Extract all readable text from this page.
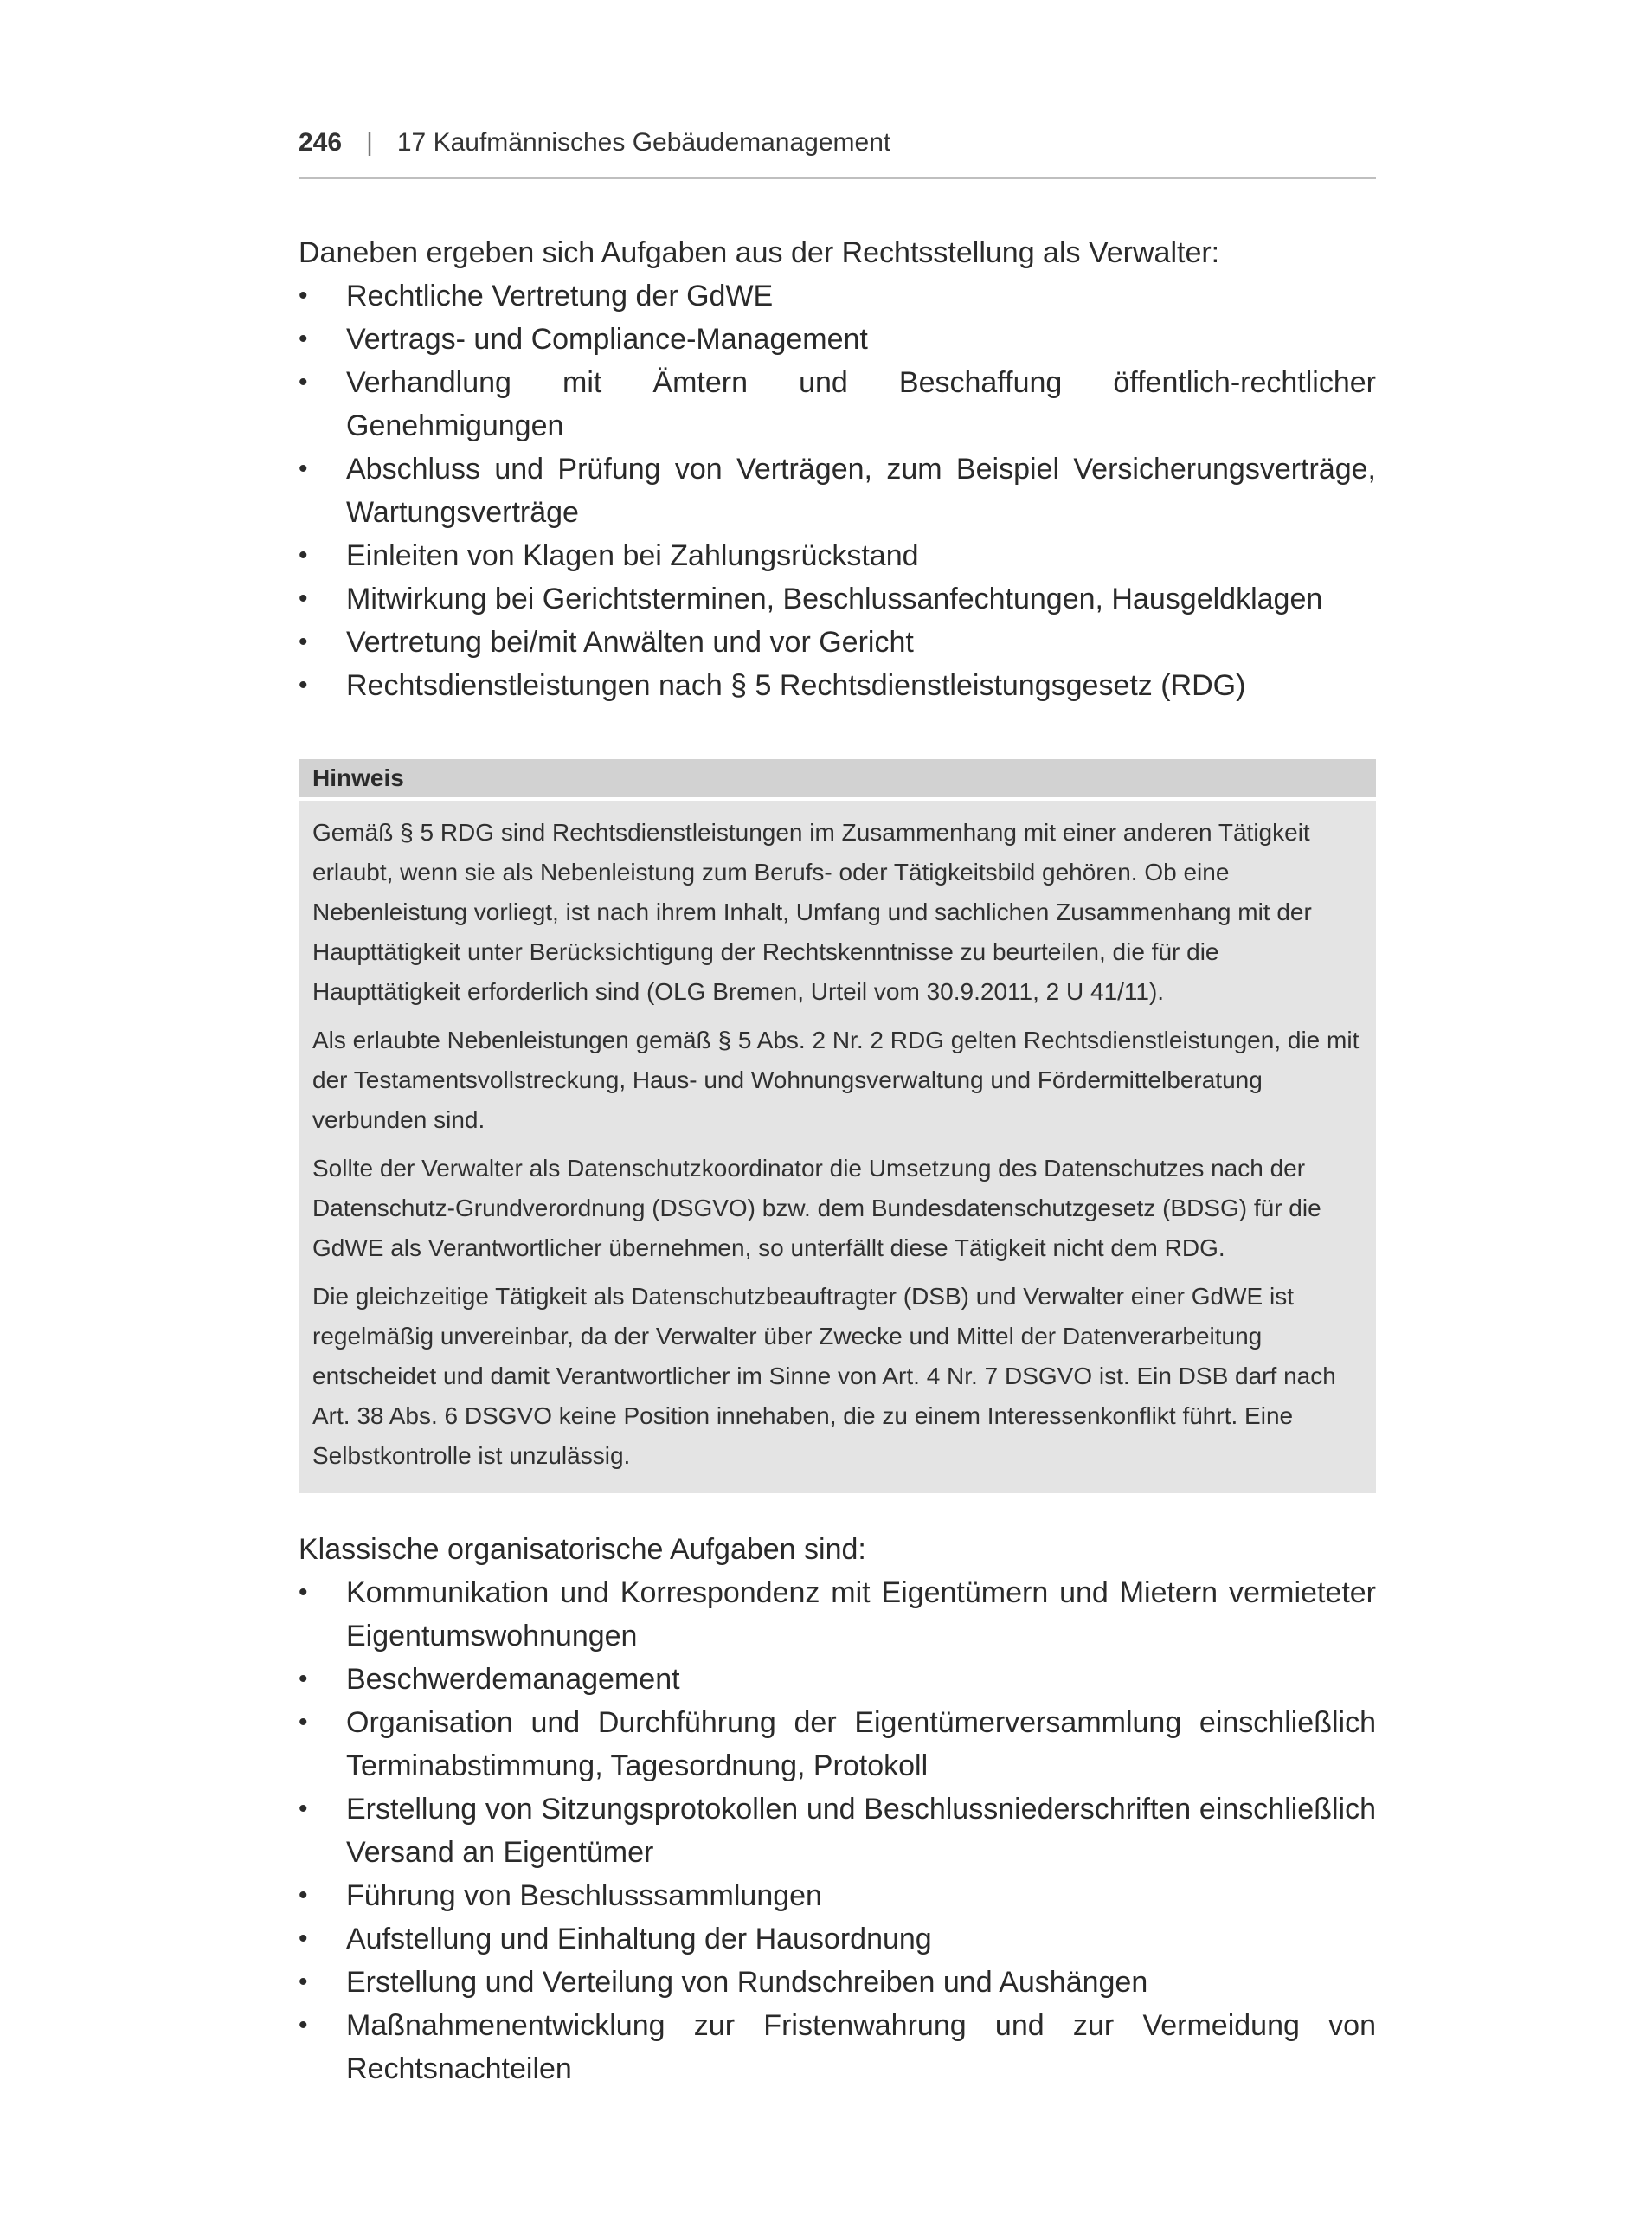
246 | 17 Kaufmännisches Gebäudemanagement
Daneben ergeben sich Aufgaben aus der Rechtsstellung als Verwalter:
• Rechtliche Vertretung der GdWE
• Vertrags- und Compliance-Management
• Verhandlung mit Ämtern und Beschaffung öffentlich-rechtlicher Genehmigungen
• Abschluss und Prüfung von Verträgen, zum Beispiel Versicherungsverträge, Wartungsverträge
• Einleiten von Klagen bei Zahlungsrückstand
• Mitwirkung bei Gerichtsterminen, Beschlussanfechtungen, Hausgeldklagen
• Vertretung bei/mit Anwälten und vor Gericht
• Rechtsdienstleistungen nach § 5 Rechtsdienstleistungsgesetz (RDG)
Hinweis

Gemäß § 5 RDG sind Rechtsdienstleistungen im Zusammenhang mit einer anderen Tätigkeit erlaubt, wenn sie als Nebenleistung zum Berufs- oder Tätigkeitsbild gehören. Ob eine Nebenleistung vorliegt, ist nach ihrem Inhalt, Umfang und sachlichen Zusammenhang mit der Haupttätigkeit unter Berücksichtigung der Rechtskenntnisse zu beurteilen, die für die Haupttätigkeit erforderlich sind (OLG Bremen, Urteil vom 30.9.2011, 2 U 41/11).

Als erlaubte Nebenleistungen gemäß § 5 Abs. 2 Nr. 2 RDG gelten Rechtsdienstleistungen, die mit der Testamentsvollstreckung, Haus- und Wohnungsverwaltung und Fördermittelberatung verbunden sind.

Sollte der Verwalter als Datenschutzkoordinator die Umsetzung des Datenschutzes nach der Datenschutz-Grundverordnung (DSGVO) bzw. dem Bundesdatenschutzgesetz (BDSG) für die GdWE als Verantwortlicher übernehmen, so unterfällt diese Tätigkeit nicht dem RDG.

Die gleichzeitige Tätigkeit als Datenschutzbeauftragter (DSB) und Verwalter einer GdWE ist regelmäßig unvereinbar, da der Verwalter über Zwecke und Mittel der Datenverarbeitung entscheidet und damit Verantwortlicher im Sinne von Art. 4 Nr. 7 DSGVO ist. Ein DSB darf nach Art. 38 Abs. 6 DSGVO keine Position innehaben, die zu einem Interessenkonflikt führt. Eine Selbstkontrolle ist unzulässig.

Klassische organisatorische Aufgaben sind:
• Kommunikation und Korrespondenz mit Eigentümern und Mietern vermieteter Eigentumswohnungen
• Beschwerdemanagement
• Organisation und Durchführung der Eigentümerversammlung einschließlich Terminabstimmung, Tagesordnung, Protokoll
• Erstellung von Sitzungsprotokollen und Beschlussniederschriften einschließlich Versand an Eigentümer
• Führung von Beschlusssammlungen
• Aufstellung und Einhaltung der Hausordnung
• Erstellung und Verteilung von Rundschreiben und Aushängen
• Maßnahmenentwicklung zur Fristenwahrung und zur Vermeidung von Rechtsnachteilen
